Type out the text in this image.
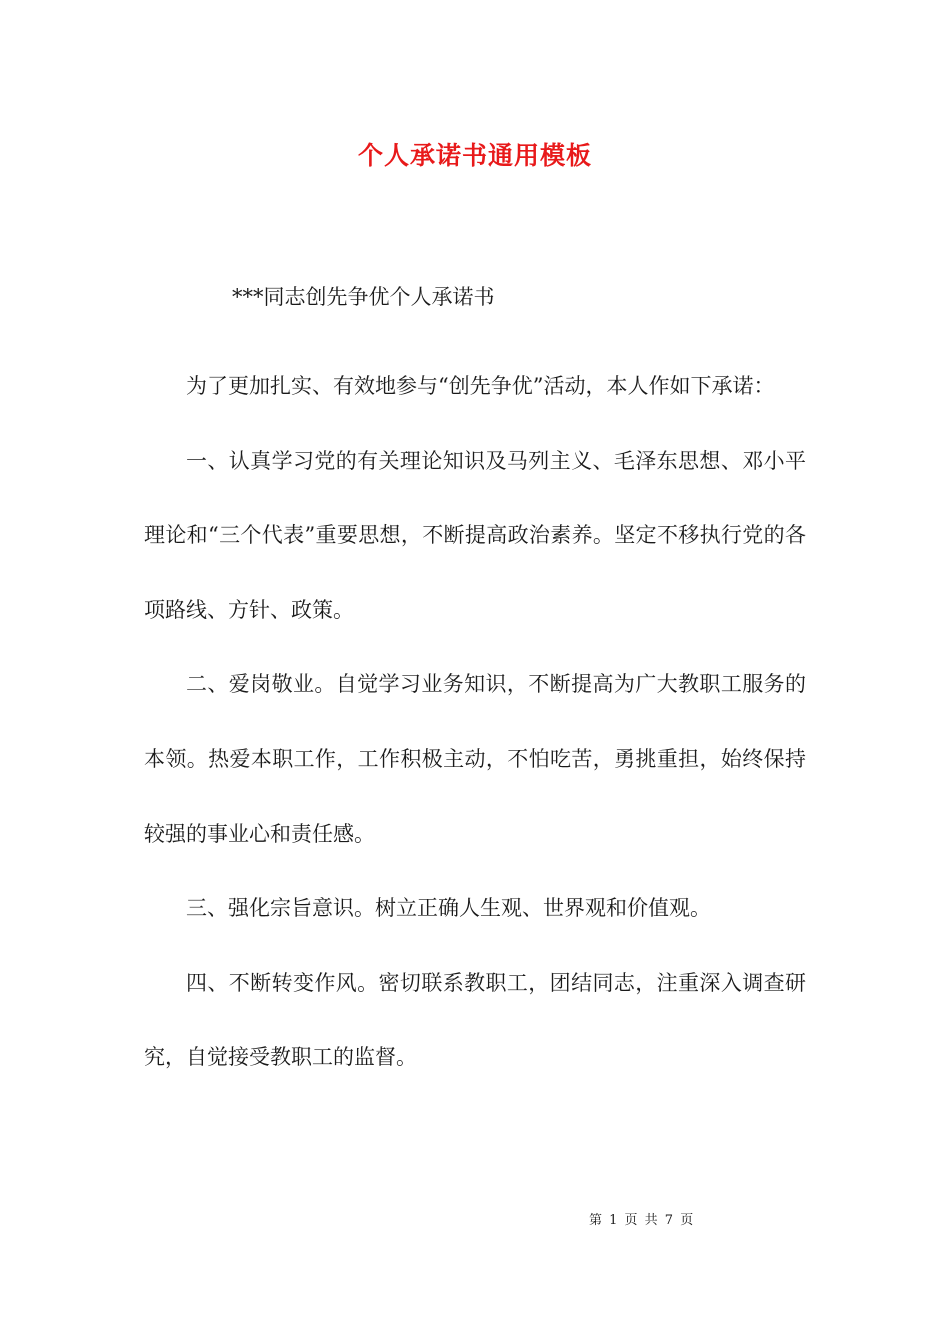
个人承诺书通用模板
***同志创先争优个人承诺书

为了更加扎实、有效地参与“创先争优”活动，本人作如下承诺：

一、认真学习党的有关理论知识及马列主义、毛泽东思想、邓小平理论和“三个代表”重要思想，不断提高政治素养。坚定不移执行党的各项路线、方针、政策。

二、爱岗敬业。自觉学习业务知识，不断提高为广大教职工服务的本领。热爱本职工作，工作积极主动，不怕吃苦，勇挑重担，始终保持较强的事业心和责任感。

三、强化宗旨意识。树立正确人生观、世界观和价值观。

四、不断转变作风。密切联系教职工，团结同志，注重深入调查研究，自觉接受教职工的监督。

第 1 页 共 7 页
